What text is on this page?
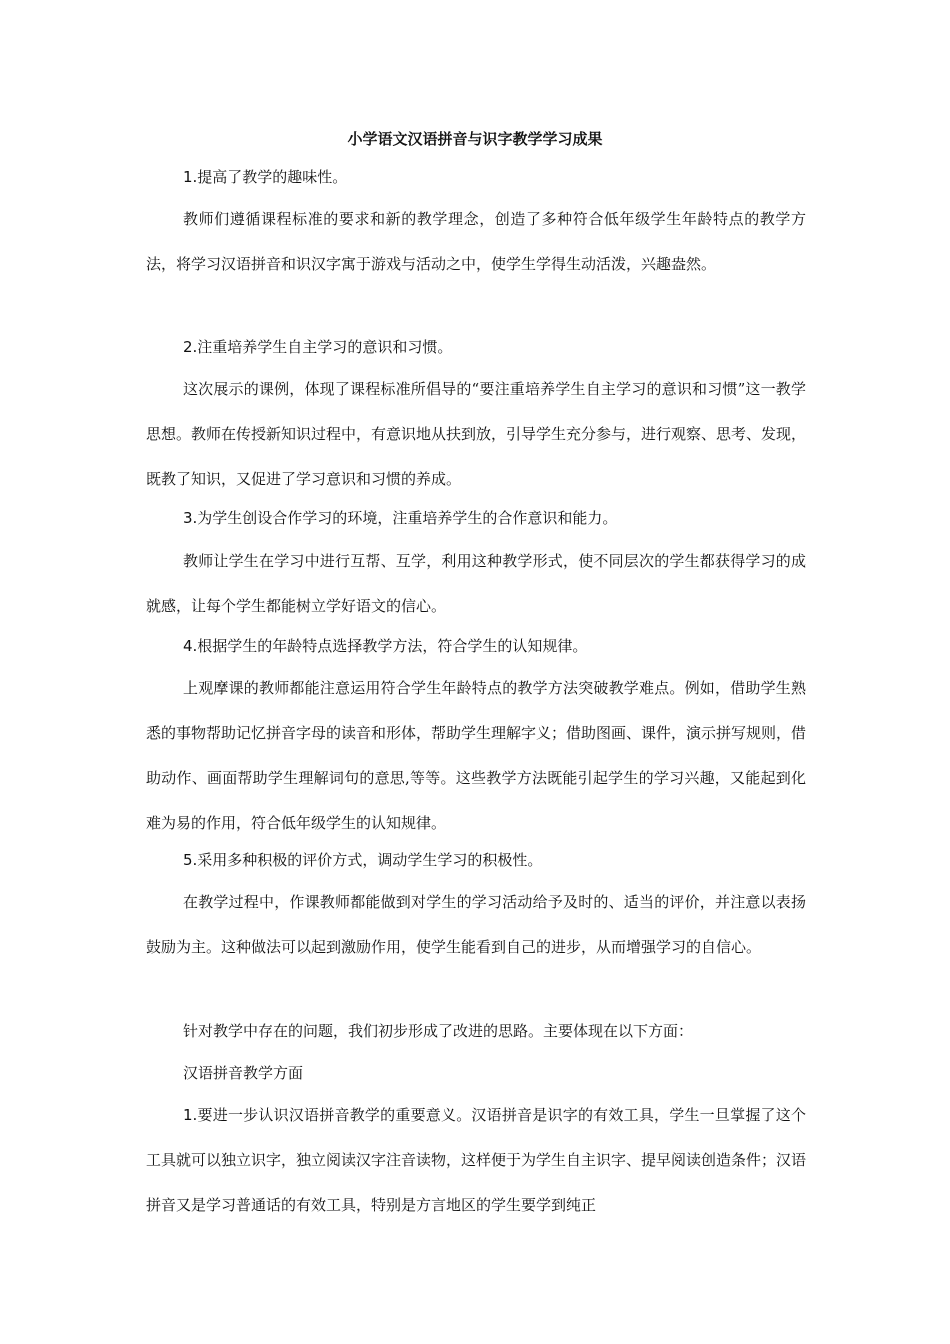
小学语文汉语拼音与识字教学学习成果

1.提高了教学的趣味性。

教师们遵循课程标准的要求和新的教学理念，创造了多种符合低年级学生年龄特点的教学方法，将学习汉语拼音和识汉字寓于游戏与活动之中，使学生学得生动活泼，兴趣盎然。

2.注重培养学生自主学习的意识和习惯。

这次展示的课例，体现了课程标准所倡导的“要注重培养学生自主学习的意识和习惯”这一教学思想。教师在传授新知识过程中，有意识地从扶到放，引导学生充分参与，进行观察、思考、发现，既教了知识，又促进了学习意识和习惯的养成。

3.为学生创设合作学习的环境，注重培养学生的合作意识和能力。

教师让学生在学习中进行互帮、互学，利用这种教学形式，使不同层次的学生都获得学习的成就感，让每个学生都能树立学好语文的信心。

4.根据学生的年龄特点选择教学方法，符合学生的认知规律。

上观摩课的教师都能注意运用符合学生年龄特点的教学方法突破教学难点。例如，借助学生熟悉的事物帮助记忆拼音字母的读音和形体，帮助学生理解字义；借助图画、课件，演示拼写规则，借助动作、画面帮助学生理解词句的意思,等等。这些教学方法既能引起学生的学习兴趣，又能起到化难为易的作用，符合低年级学生的认知规律。

5.采用多种积极的评价方式，调动学生学习的积极性。

在教学过程中，作课教师都能做到对学生的学习活动给予及时的、适当的评价，并注意以表扬鼓励为主。这种做法可以起到激励作用，使学生能看到自己的进步，从而增强学习的自信心。

针对教学中存在的问题，我们初步形成了改进的思路。主要体现在以下方面：

汉语拼音教学方面

1.要进一步认识汉语拼音教学的重要意义。汉语拼音是识字的有效工具，学生一旦掌握了这个工具就可以独立识字，独立阅读汉字注音读物，这样便于为学生自主识字、提早阅读创造条件；汉语拼音又是学习普通话的有效工具，特别是方言地区的学生要学到纯正
